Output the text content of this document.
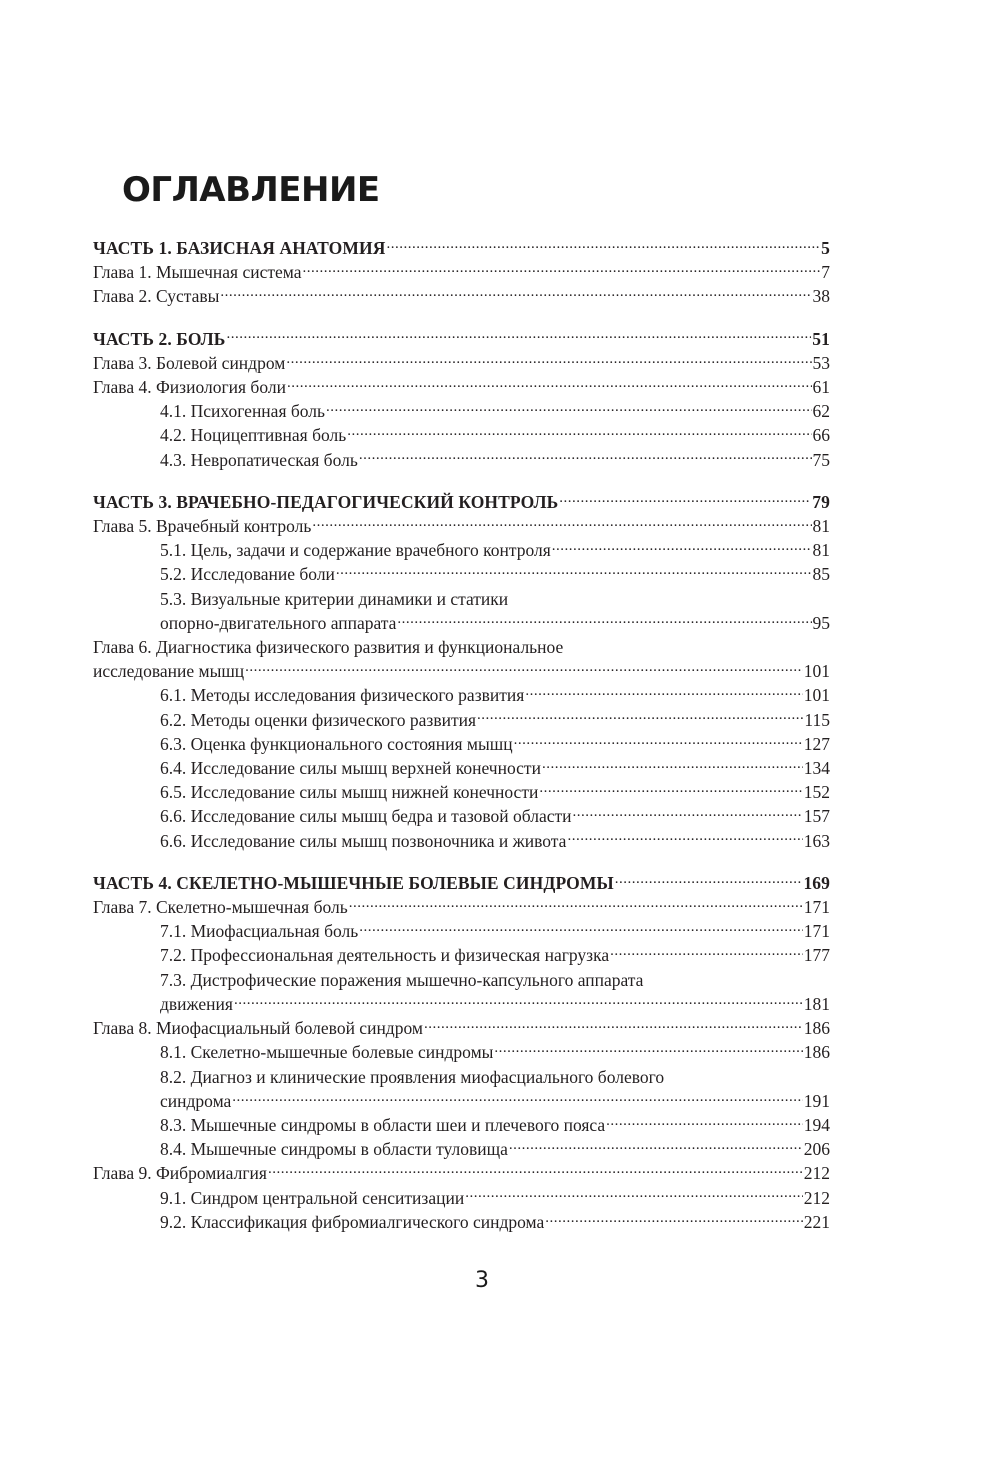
ОГЛАВЛЕНИЕ
ЧАСТЬ 1. БАЗИСНАЯ АНАТОМИЯ .....	5
Глава 1. Мышечная система .....	7
Глава 2. Суставы .....	38
ЧАСТЬ 2. БОЛЬ .....	51
Глава 3. Болевой синдром .....	53
Глава 4. Физиология боли .....	61
4.1. Психогенная боль .....	62
4.2. Ноцицептивная боль .....	66
4.3. Невропатическая боль .....	75
ЧАСТЬ 3. ВРАЧЕБНО-ПЕДАГОГИЧЕСКИЙ КОНТРОЛЬ .....	79
Глава 5. Врачебный контроль .....	81
5.1. Цель, задачи и содержание врачебного контроля .....	81
5.2. Исследование боли .....	85
5.3. Визуальные критерии динамики и статики
опорно-двигательного аппарата .....	95
Глава 6. Диагностика физического развития и функциональное
исследование мышц .....	101
6.1. Методы исследования физического развития .....	101
6.2. Методы оценки физического развития .....	115
6.3. Оценка функционального состояния мышц .....	127
6.4. Исследование силы мышц верхней конечности .....	134
6.5. Исследование силы мышц нижней конечности .....	152
6.6. Исследование силы мышц бедра и тазовой области .....	157
6.6. Исследование силы мышц позвоночника и живота .....	163
ЧАСТЬ 4. СКЕЛЕТНО-МЫШЕЧНЫЕ БОЛЕВЫЕ СИНДРОМЫ .....	169
Глава 7. Скелетно-мышечная боль .....	171
7.1. Миофасциальная боль .....	171
7.2. Профессиональная деятельность и физическая нагрузка .....	177
7.3. Дистрофические поражения мышечно-капсульного аппарата
движения .....	181
Глава 8. Миофасциальный болевой синдром .....	186
8.1. Скелетно-мышечные болевые синдромы .....	186
8.2. Диагноз и клинические проявления миофасциального болевого
синдрома .....	191
8.3. Мышечные синдромы в области шеи и плечевого пояса .....	194
8.4. Мышечные синдромы в области туловища .....	206
Глава 9. Фибромиалгия .....	212
9.1. Синдром центральной сенситизации .....	212
9.2. Классификация фибромиалгического синдрома .....	221
3
